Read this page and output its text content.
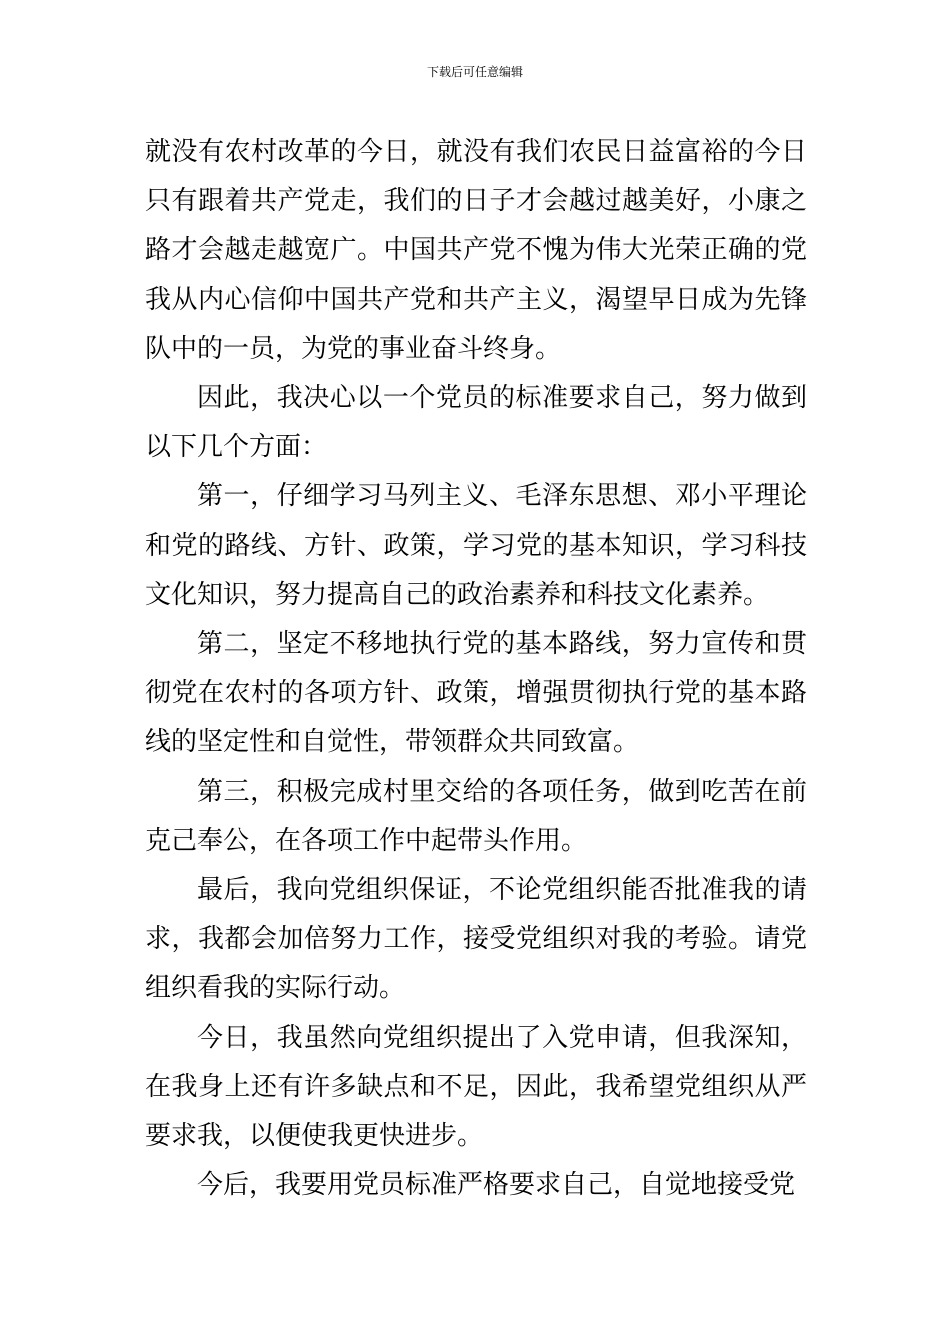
下载后可任意编辑

就没有农村改革的今日，就没有我们农民日益富裕的今日只有跟着共产党走，我们的日子才会越过越美好，小康之路才会越走越宽广。中国共产党不愧为伟大光荣正确的党我从内心信仰中国共产党和共产主义，渴望早日成为先锋队中的一员，为党的事业奋斗终身。

因此，我决心以一个党员的标准要求自己，努力做到以下几个方面：

第一，仔细学习马列主义、毛泽东思想、邓小平理论和党的路线、方针、政策，学习党的基本知识，学习科技文化知识，努力提高自己的政治素养和科技文化素养。

第二，坚定不移地执行党的基本路线，努力宣传和贯彻党在农村的各项方针、政策，增强贯彻执行党的基本路线的坚定性和自觉性，带领群众共同致富。

第三，积极完成村里交给的各项任务，做到吃苦在前克己奉公，在各项工作中起带头作用。

最后，我向党组织保证，不论党组织能否批准我的请求，我都会加倍努力工作，接受党组织对我的考验。请党组织看我的实际行动。

今日，我虽然向党组织提出了入党申请，但我深知，在我身上还有许多缺点和不足，因此，我希望党组织从严要求我，以便使我更快进步。

今后，我要用党员标准严格要求自己，自觉地接受党
